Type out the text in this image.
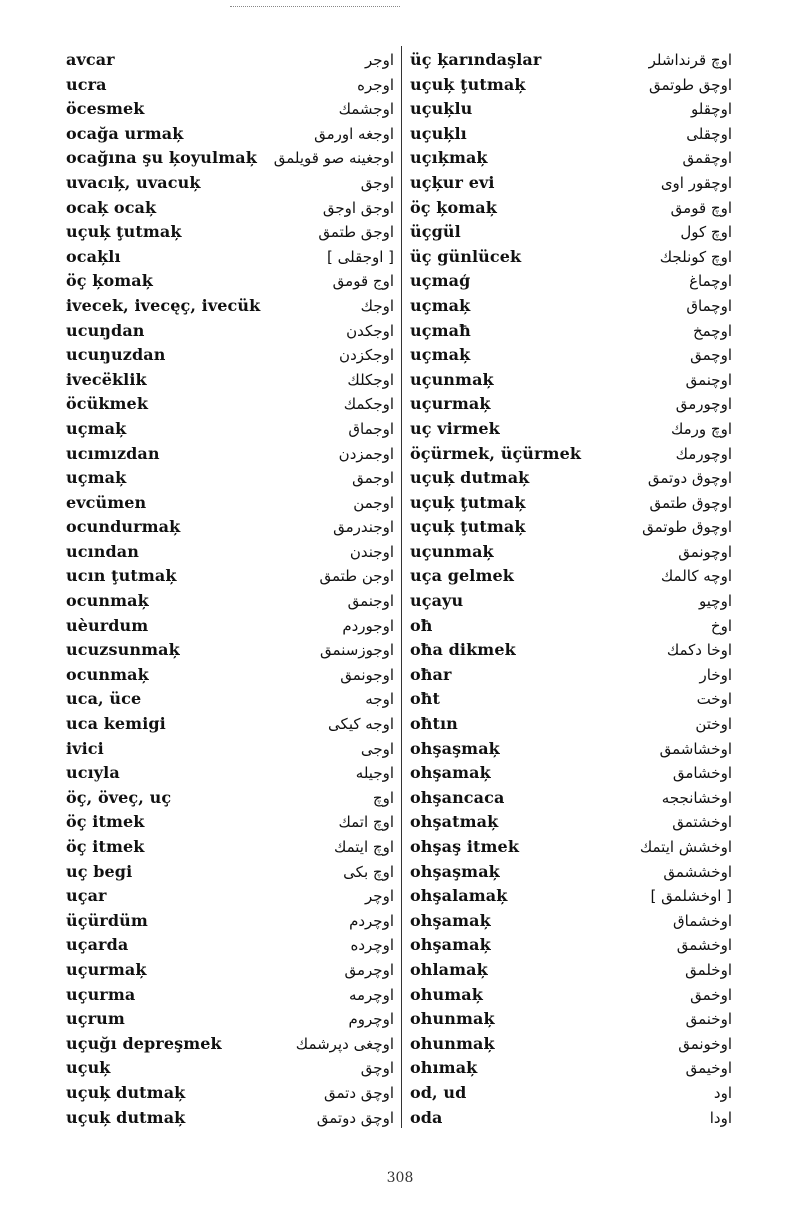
avcar	اوجر
ucra	اوجره
öcesmek	اوجشمك
ocağa urmaķ	اوجغه اورمق
ocağına şu ķoyulmaķ اوجغينه صو قويلمق
uvacıķ, uvacuķ	اوجق
ocaķ ocaķ	اوجق اوجق
uçuķ ţutmaķ	اوجق طتمق
ocaķlı	[ اوجقلی ]
öç ķomaķ	اوج قومق
ivecek, ivecęç, ivecük	اوجك
ucuŋdan	اوجكدن
ucuŋuzdan	اوجكزدن
ivecëklik	اوجكلك
öcükmek	اوجكمك
uçmaķ	اوجماق
ucımızdan	اوجمزدن
uçmaķ	اوجمق
evcümen	اوجمن
ocundurmaķ	اوجندرمق
ucından	اوجندن
ucın ţutmaķ	اوجن طتمق
ocunmaķ	اوجنمق
uèurdum	اوجوردم
ucuzsunmaķ	اوجوزسنمق
ocunmaķ	اوجونمق
uca, üce	اوجه
uca kemigi	اوجه كيكی
ivici	اوجی
ucıyla	اوجيله
öç, öveç, uç	اوچ
öç itmek	اوچ اتمك
öç itmek	اوچ ايتمك
uç begi	اوچ بكی
uçar	اوچر
üçürdüm	اوچردم
uçarda	اوچرده
uçurmaķ	اوچرمق
uçurma	اوچرمه
uçrum	اوچروم
uçuğı depreşmek	اوچغی دپرشمك
uçuķ	اوچق
uçuķ dutmaķ	اوچق دتمق
uçuķ dutmaķ	اوچق دوتمق
üç ķarındaşlar	اوچ قرنداشلر
uçuķ ţutmaķ	اوچق طوتمق
uçuķlu	اوچقلو
uçuķlı	اوچقلی
uçıķmaķ	اوچقمق
uçķur evi	اوچقور اوی
öç ķomaķ	اوچ قومق
üçgül	اوچ كول
üç günlücek	اوچ كونلجك
uçmaģ	اوچماغ
uçmaķ	اوچماق
uçmaħ	اوچمخ
uçmaķ	اوچمق
uçunmaķ	اوچنمق
uçurmaķ	اوچورمق
uç virmek	اوچ ورمك
öçürmek, üçürmek	اوچورمك
uçuķ dutmaķ	اوچوق دوتمق
uçuķ ţutmaķ	اوچوق طتمق
uçuķ ţutmaķ	اوچوق طوتمق
uçunmaķ	اوچونمق
uça gelmek	اوچه كالمك
uçayu	اوچيو
oħ	اوخ
oħa dikmek	اوخا دكمك
oħar	اوخار
oħt	اوخت
oħtın	اوختن
ohşaşmaķ	اوخشاشمق
ohşamaķ	اوخشامق
ohşancaca	اوخشانججه
ohşatmaķ	اوخشتمق
ohşaş itmek	اوخشش ايتمك
ohşaşmaķ	اوخششمق
ohşalamaķ	[ اوخشلمق ]
ohşamaķ	اوخشماق
ohşamaķ	اوخشمق
ohlamaķ	اوخلمق
ohumaķ	اوخمق
ohunmaķ	اوخنمق
ohunmaķ	اوخونمق
ohımaķ	اوخيمق
od, ud	اود
oda	اودا
308
